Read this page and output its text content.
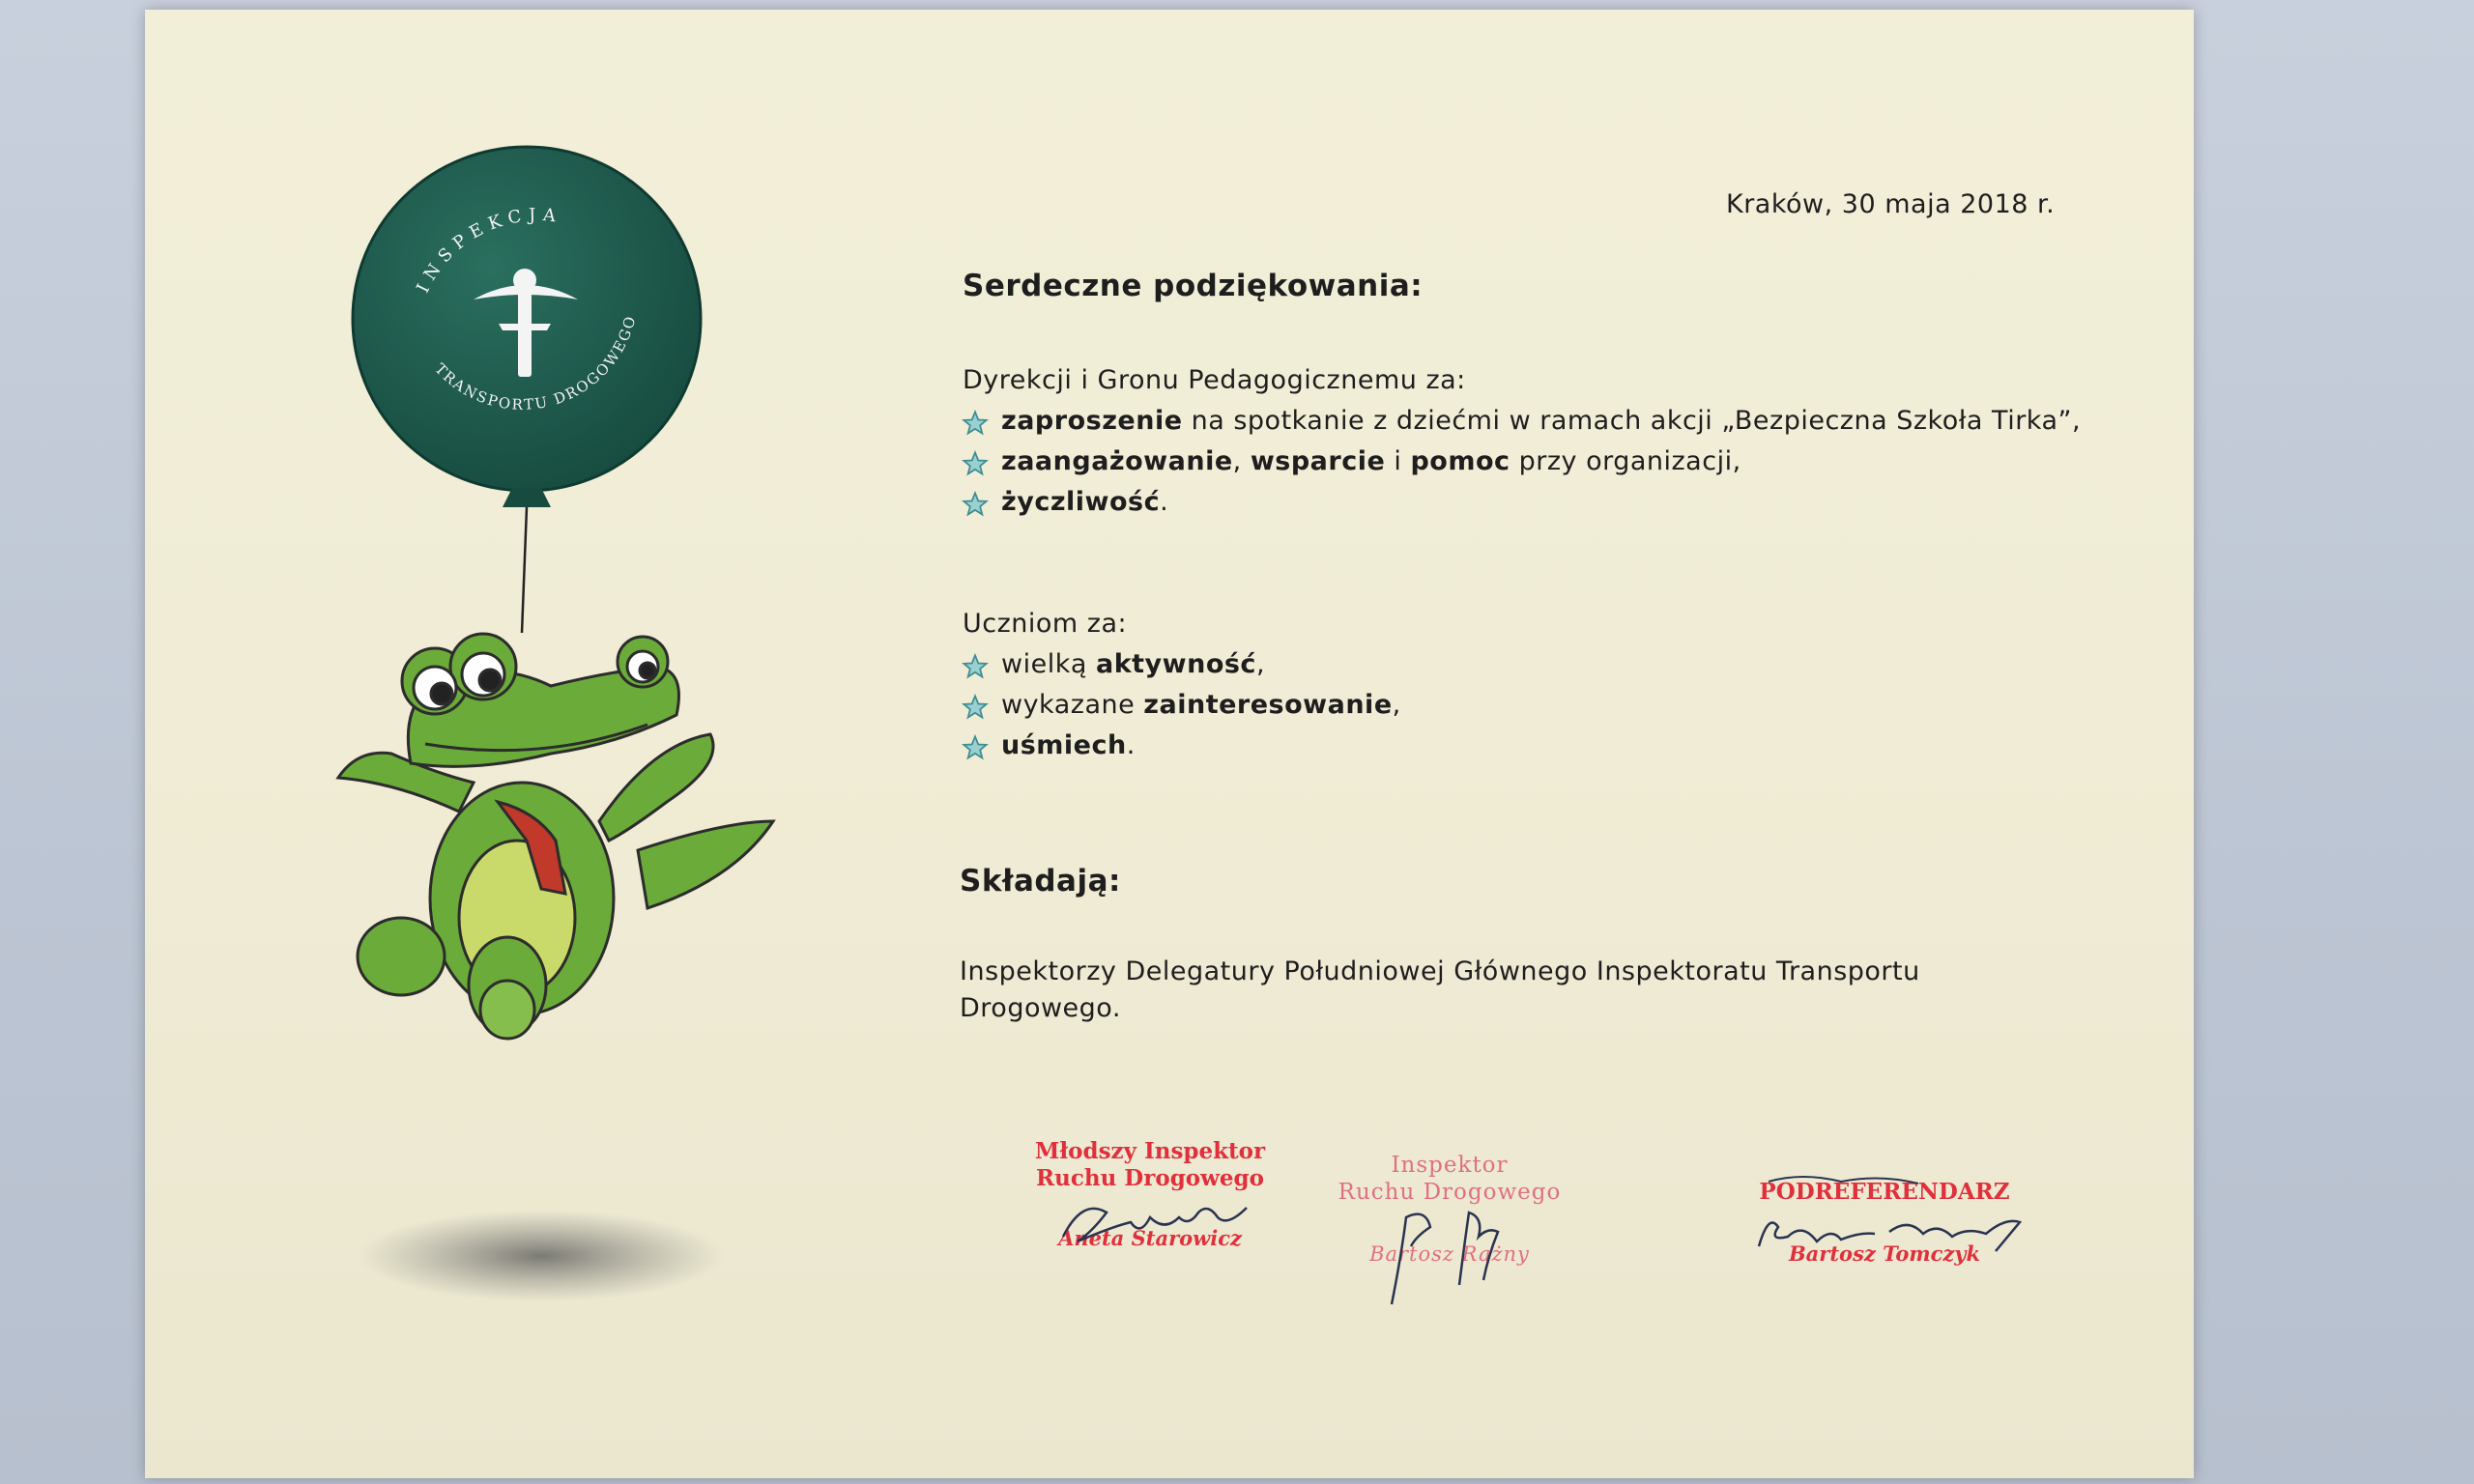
INSPEKCJA
TRANSPORTU DROGOWEGO
Kraków, 30 maja 2018 r.
Serdeczne podziękowania:
Dyrekcji i Gronu Pedagogicznemu za:
zaproszenie na spotkanie z dziećmi w ramach akcji „Bezpieczna Szkoła Tirka”,
zaangażowanie, wsparcie i pomoc przy organizacji,
życzliwość.
Uczniom za:
wielką aktywność,
wykazane zainteresowanie,
uśmiech.
Składają:
Inspektorzy Delegatury Południowej Głównego Inspektoratu Transportu
Drogowego.
Młodszy Inspektor
Ruchu Drogowego
Aneta Starowicz
Inspektor
Ruchu Drogowego
Bartosz Rażny
PODREFERENDARZ
Bartosz Tomczyk
